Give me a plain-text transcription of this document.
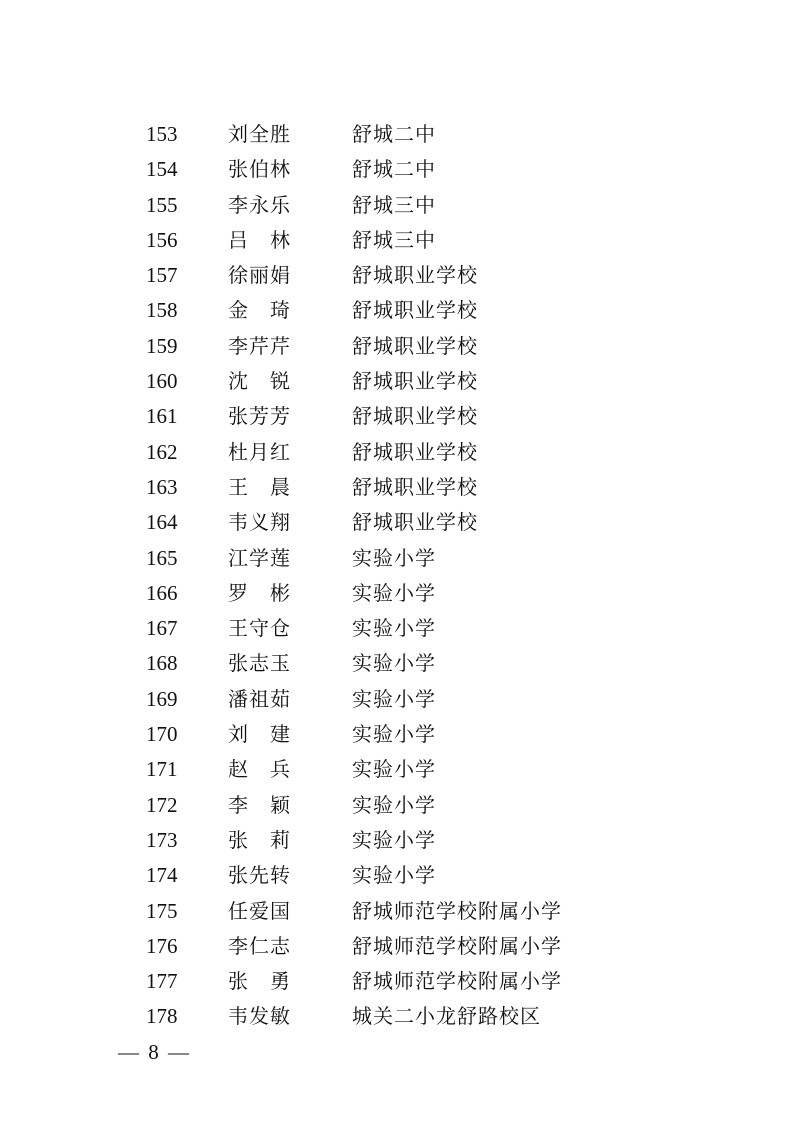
153	刘全胜	舒城二中
154	张伯林	舒城二中
155	李永乐	舒城三中
156	吕　林	舒城三中
157	徐丽娟	舒城职业学校
158	金　琦	舒城职业学校
159	李芹芹	舒城职业学校
160	沈　锐	舒城职业学校
161	张芳芳	舒城职业学校
162	杜月红	舒城职业学校
163	王　晨	舒城职业学校
164	韦义翔	舒城职业学校
165	江学莲	实验小学
166	罗　彬	实验小学
167	王守仓	实验小学
168	张志玉	实验小学
169	潘祖茹	实验小学
170	刘　建	实验小学
171	赵　兵	实验小学
172	李　颖	实验小学
173	张　莉	实验小学
174	张先转	实验小学
175	任爱国	舒城师范学校附属小学
176	李仁志	舒城师范学校附属小学
177	张　勇	舒城师范学校附属小学
178	韦发敏	城关二小龙舒路校区
— 8 —
